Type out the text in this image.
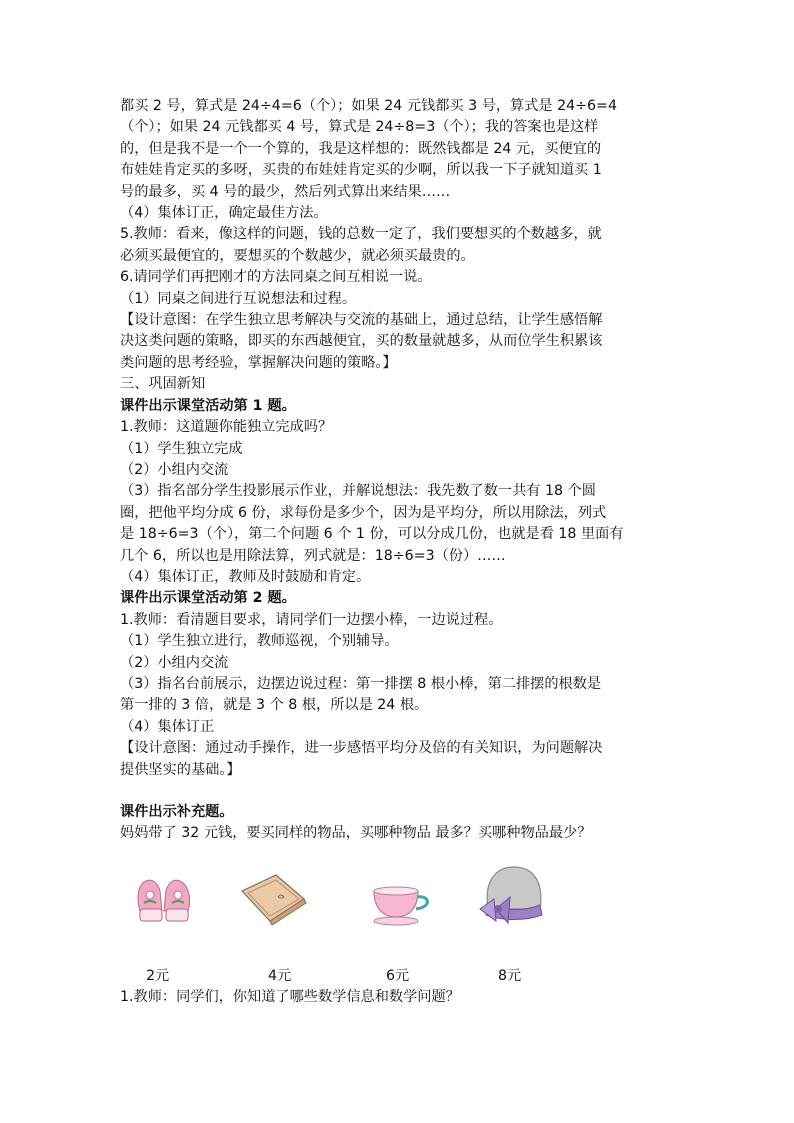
都买 2 号，算式是 24÷4=6（个）；如果 24 元钱都买 3 号，算式是 24÷6=4
（个）；如果 24 元钱都买 4 号，算式是 24÷8=3（个）；我的答案也是这样
的，但是我不是一个一个算的，我是这样想的：既然钱都是 24 元，买便宜的
布娃娃肯定买的多呀，买贵的布娃娃肯定买的少啊，所以我一下子就知道买 1
号的最多，买 4 号的最少，然后列式算出来结果……
（4）集体订正，确定最佳方法。
5.教师：看来，像这样的问题，钱的总数一定了，我们要想买的个数越多，就
必须买最便宜的，要想买的个数越少，就必须买最贵的。
6.请同学们再把刚才的方法同桌之间互相说一说。
（1）同桌之间进行互说想法和过程。
【设计意图：在学生独立思考解决与交流的基础上，通过总结，让学生感悟解
决这类问题的策略，即买的东西越便宜，买的数量就越多，从而位学生积累该
类问题的思考经验，掌握解决问题的策略。】
三、巩固新知
课件出示课堂活动第 1 题。
1.教师：这道题你能独立完成吗？
（1）学生独立完成
（2）小组内交流
（3）指名部分学生投影展示作业，并解说想法：我先数了数一共有 18 个圆
圈，把他平均分成 6 份，求每份是多少个，因为是平均分，所以用除法，列式
是 18÷6=3（个），第二个问题 6 个 1 份，可以分成几份，也就是看 18 里面有
几个 6，所以也是用除法算，列式就是：18÷6=3（份）……
（4）集体订正，教师及时鼓励和肯定。
课件出示课堂活动第 2 题。
1.教师：看清题目要求，请同学们一边摆小棒，一边说过程。
（1）学生独立进行，教师巡视，个别辅导。
（2）小组内交流
（3）指名台前展示，边摆边说过程：第一排摆 8 根小棒，第二排摆的根数是
第一排的 3 倍，就是 3 个 8 根，所以是 24 根。
（4）集体订正
【设计意图：通过动手操作，进一步感悟平均分及倍的有关知识，为问题解决
提供坚实的基础。】
课件出示补充题。
妈妈带了 32 元钱，要买同样的物品，买哪种物品 最多？买哪种物品最少？
2元	4元	6元	8元
1.教师：同学们，你知道了哪些数学信息和数学问题？
